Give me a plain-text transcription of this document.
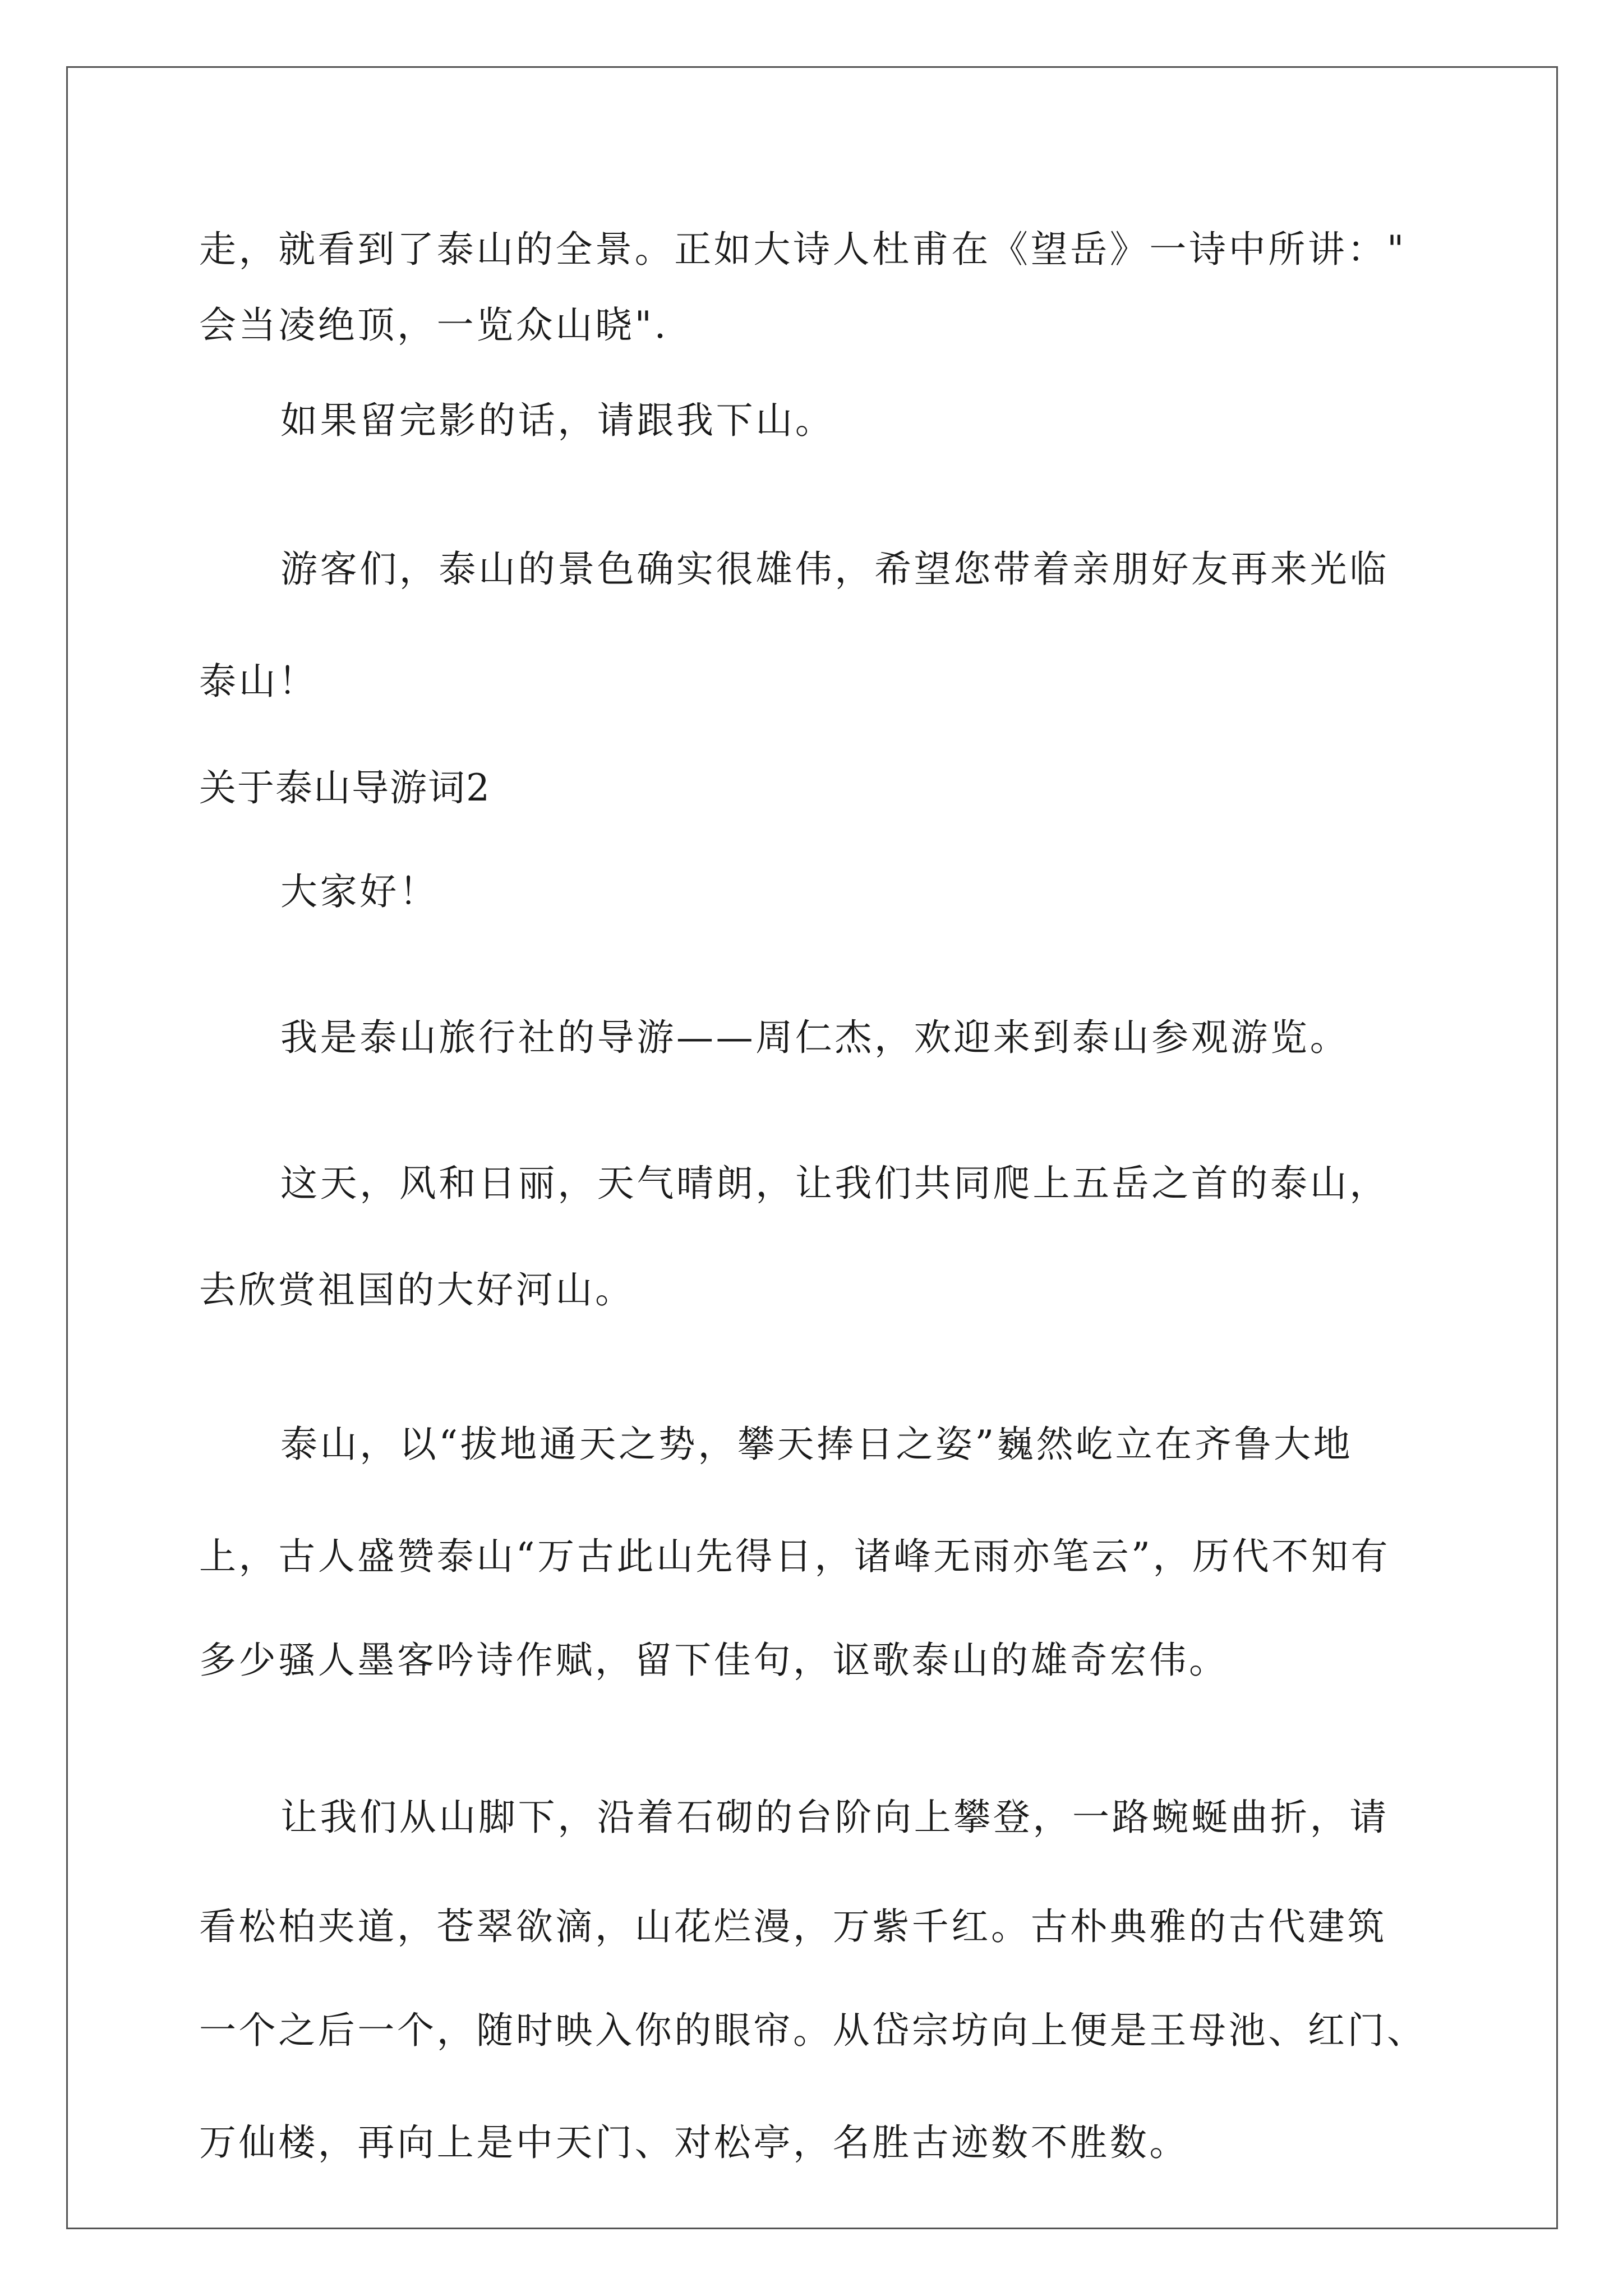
走，就看到了泰山的全景。正如大诗人杜甫在《望岳》一诗中所讲："
会当凌绝顶，一览众山晓".
如果留完影的话，请跟我下山。
游客们，泰山的景色确实很雄伟，希望您带着亲朋好友再来光临
泰山！
关于泰山导游词2
大家好！
我是泰山旅行社的导游——周仁杰，欢迎来到泰山参观游览。
这天，风和日丽，天气晴朗，让我们共同爬上五岳之首的泰山，
去欣赏祖国的大好河山。
泰山，以“拔地通天之势，攀天捧日之姿”巍然屹立在齐鲁大地
上，古人盛赞泰山“万古此山先得日，诸峰无雨亦笔云”，历代不知有
多少骚人墨客吟诗作赋，留下佳句，讴歌泰山的雄奇宏伟。
让我们从山脚下，沿着石砌的台阶向上攀登，一路蜿蜒曲折，请
看松柏夹道，苍翠欲滴，山花烂漫，万紫千红。古朴典雅的古代建筑
一个之后一个，随时映入你的眼帘。从岱宗坊向上便是王母池、红门、
万仙楼，再向上是中天门、对松亭，名胜古迹数不胜数。
